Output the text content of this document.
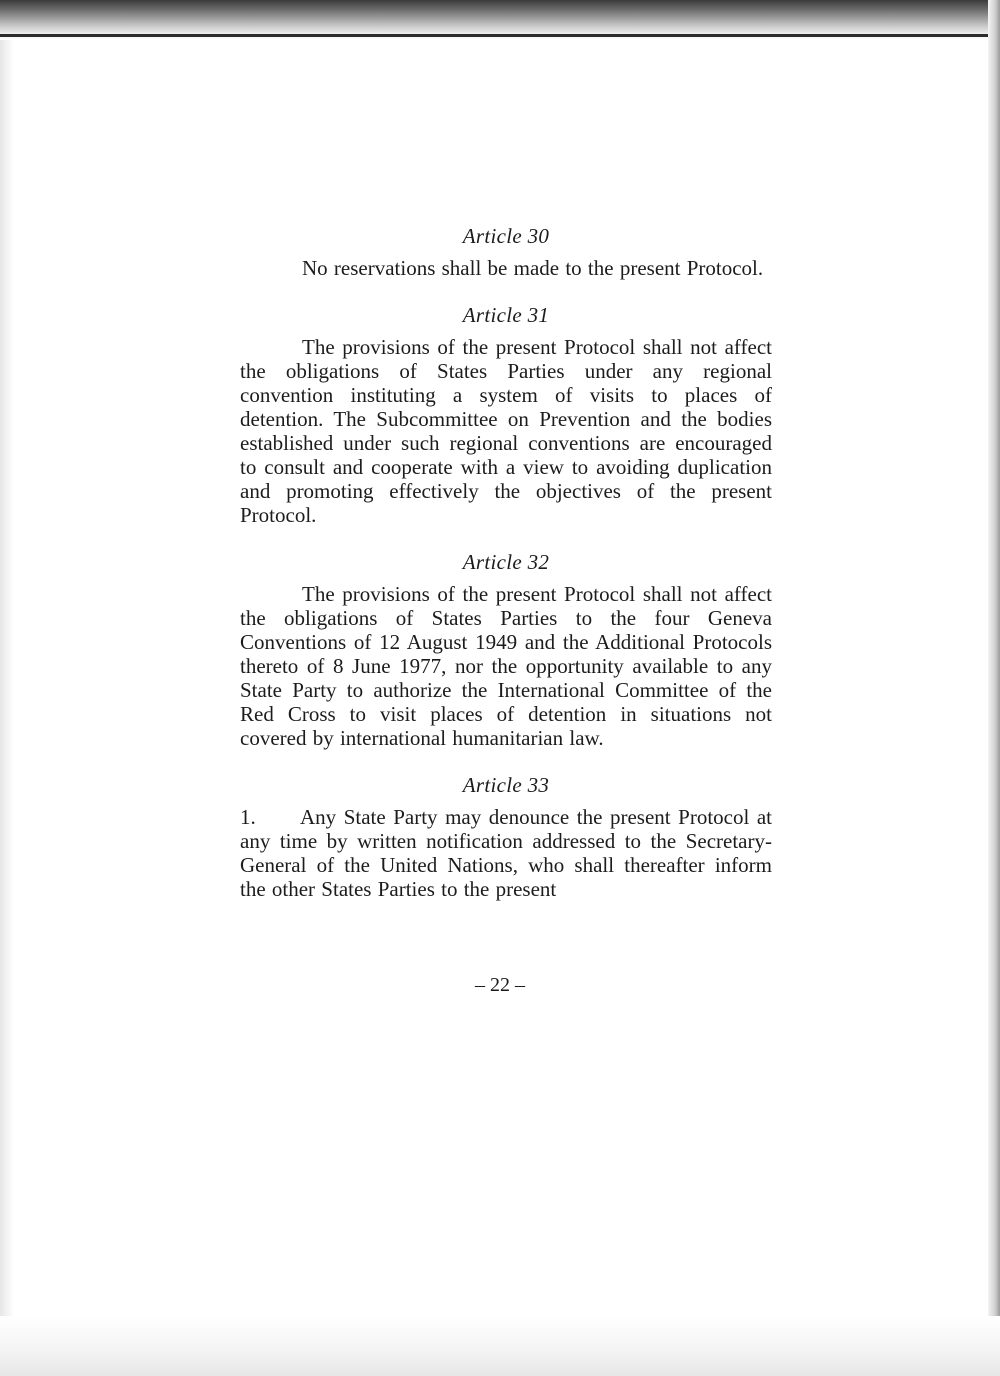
Article 30

No reservations shall be made to the present Protocol.

Article 31

The provisions of the present Protocol shall not affect the obligations of States Parties under any regional convention instituting a system of visits to places of detention. The Subcommittee on Prevention and the bodies established under such regional conventions are encouraged to consult and cooperate with a view to avoiding duplication and promoting effectively the objectives of the present Protocol.

Article 32

The provisions of the present Protocol shall not affect the obligations of States Parties to the four Geneva Conventions of 12 August 1949 and the Additional Protocols thereto of 8 June 1977, nor the opportunity available to any State Party to authorize the International Committee of the Red Cross to visit places of detention in situations not covered by international humanitarian law.

Article 33

1. Any State Party may denounce the present Protocol at any time by written notification addressed to the Secretary-General of the United Nations, who shall thereafter inform the other States Parties to the present

– 22 –
